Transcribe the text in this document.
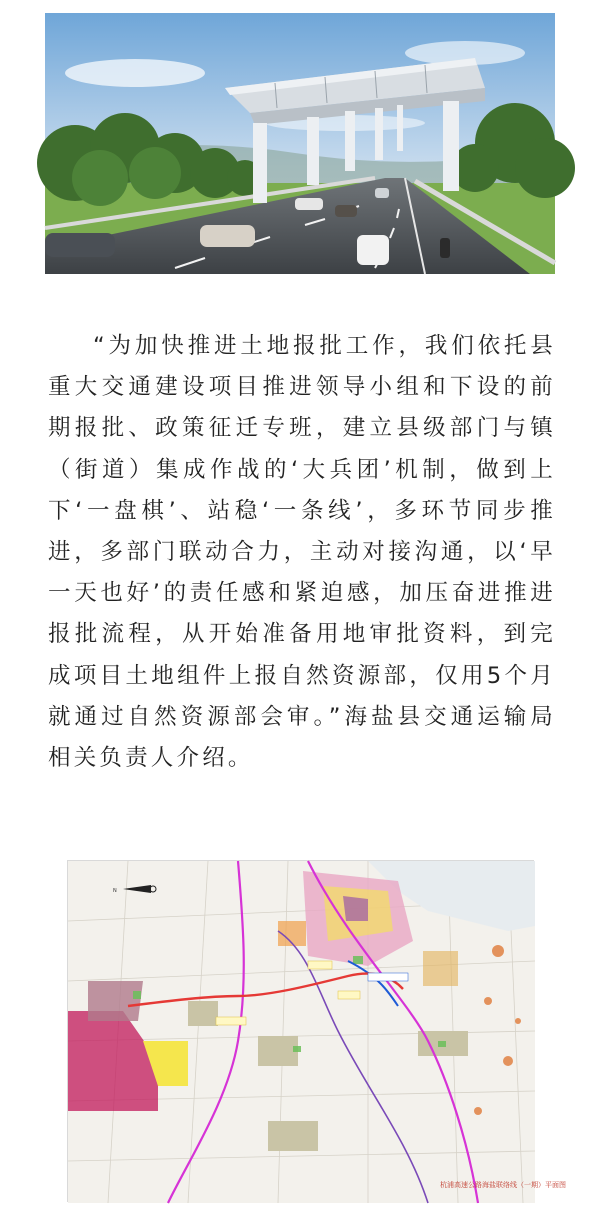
“为加快推进土地报批工作，我们依托县重大交通建设项目推进领导小组和下设的前期报批、政策征迁专班，建立县级部门与镇（街道）集成作战的‘大兵团’机制，做到上下‘一盘棋’、站稳‘一条线’，多环节同步推进，多部门联动合力，主动对接沟通，以‘早一天也好’的责任感和紧迫感，加压奋进推进报批流程，从开始准备用地审批资料，到完成项目土地组件上报自然资源部，仅用5个月就通过自然资源部会审。”海盐县交通运输局相关负责人介绍。

N
杭浦高速公路海盐联络线（一期）平面图
